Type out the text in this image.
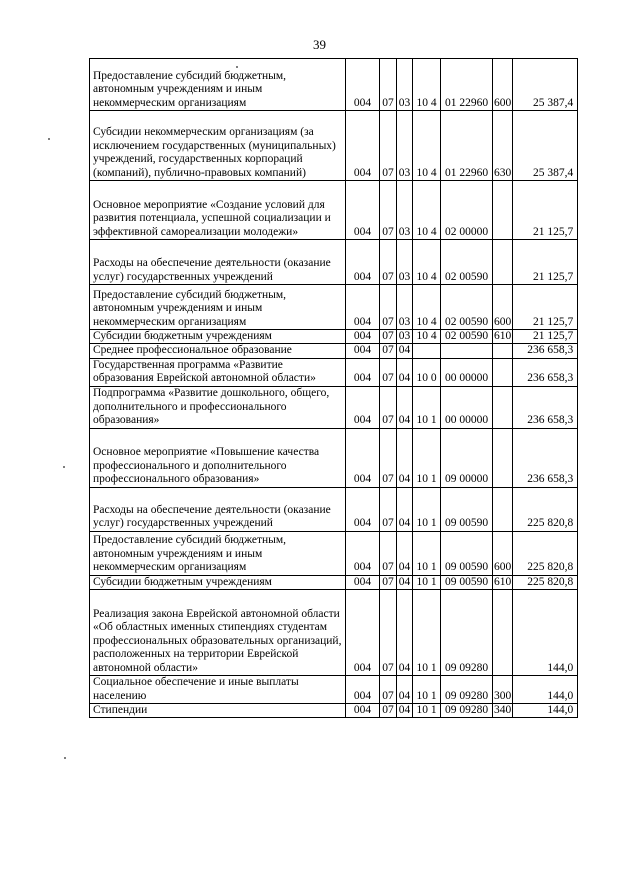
39
Предоставление субсидий бюджетным, автономным учреждениям и иным некоммерческим организациям	004	07	03	10 4	01 22960	600	25 387,4
Субсидии некоммерческим организациям (за исключением государственных (муниципальных) учреждений, государственных корпораций (компаний), публично-правовых компаний)	004	07	03	10 4	01 22960	630	25 387,4
Основное мероприятие «Создание условий для развития потенциала, успешной социализации и эффективной самореализации молодежи»	004	07	03	10 4	02 00000		21 125,7
Расходы на обеспечение деятельности (оказание услуг) государственных учреждений	004	07	03	10 4	02 00590		21 125,7
Предоставление субсидий бюджетным, автономным учреждениям и иным некоммерческим организациям	004	07	03	10 4	02 00590	600	21 125,7
Субсидии бюджетным учреждениям	004	07	03	10 4	02 00590	610	21 125,7
Среднее профессиональное образование	004	07	04				236 658,3
Государственная программа «Развитие образования Еврейской автономной области»	004	07	04	10 0	00 00000		236 658,3
Подпрограмма «Развитие дошкольного, общего, дополнительного и профессионального образования»	004	07	04	10 1	00 00000		236 658,3
Основное мероприятие «Повышение качества профессионального и дополнительного профессионального образования»	004	07	04	10 1	09 00000		236 658,3
Расходы на обеспечение деятельности (оказание услуг) государственных учреждений	004	07	04	10 1	09 00590		225 820,8
Предоставление субсидий бюджетным, автономным учреждениям и иным некоммерческим организациям	004	07	04	10 1	09 00590	600	225 820,8
Субсидии бюджетным учреждениям	004	07	04	10 1	09 00590	610	225 820,8
Реализация закона Еврейской автономной области «Об областных именных стипендиях студентам профессиональных образовательных организаций, расположенных на территории Еврейской автономной области»	004	07	04	10 1	09 09280		144,0
Социальное обеспечение и иные выплаты населению	004	07	04	10 1	09 09280	300	144,0
Стипендии	004	07	04	10 1	09 09280	340	144,0
